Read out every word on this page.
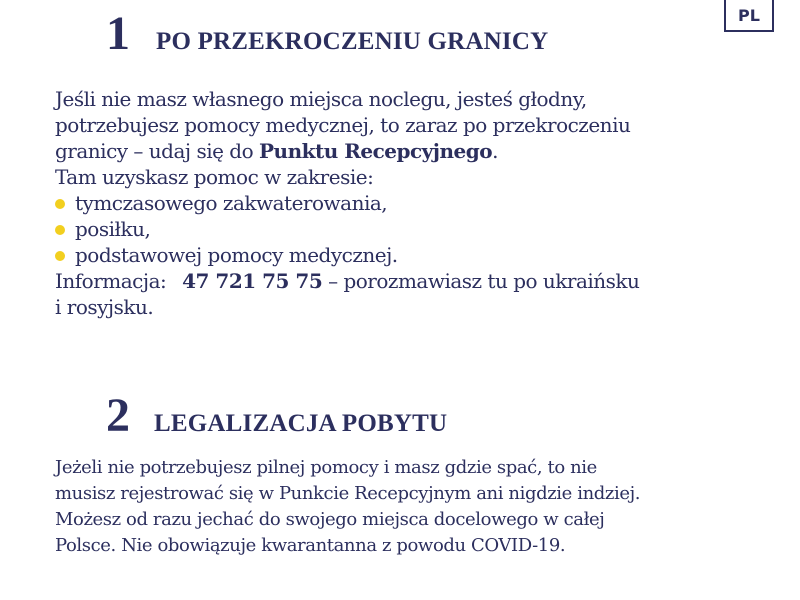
PL
1 PO PRZEKROCZENIU GRANICY
Jeśli nie masz własnego miejsca noclegu, jesteś głodny,
potrzebujesz pomocy medycznej, to zaraz po przekroczeniu
granicy – udaj się do Punktu Recepcyjnego.
Tam uzyskasz pomoc w zakresie:
tymczasowego zakwaterowania,
posiłku,
podstawowej pomocy medycznej.
Informacja: 47 721 75 75 – porozmawiasz tu po ukraińsku
i rosyjsku.
2 LEGALIZACJA POBYTU
Jeżeli nie potrzebujesz pilnej pomocy i masz gdzie spać, to nie
musisz rejestrować się w Punkcie Recepcyjnym ani nigdzie indziej.
Możesz od razu jechać do swojego miejsca docelowego w całej
Polsce. Nie obowiązuje kwarantanna z powodu COVID-19.
